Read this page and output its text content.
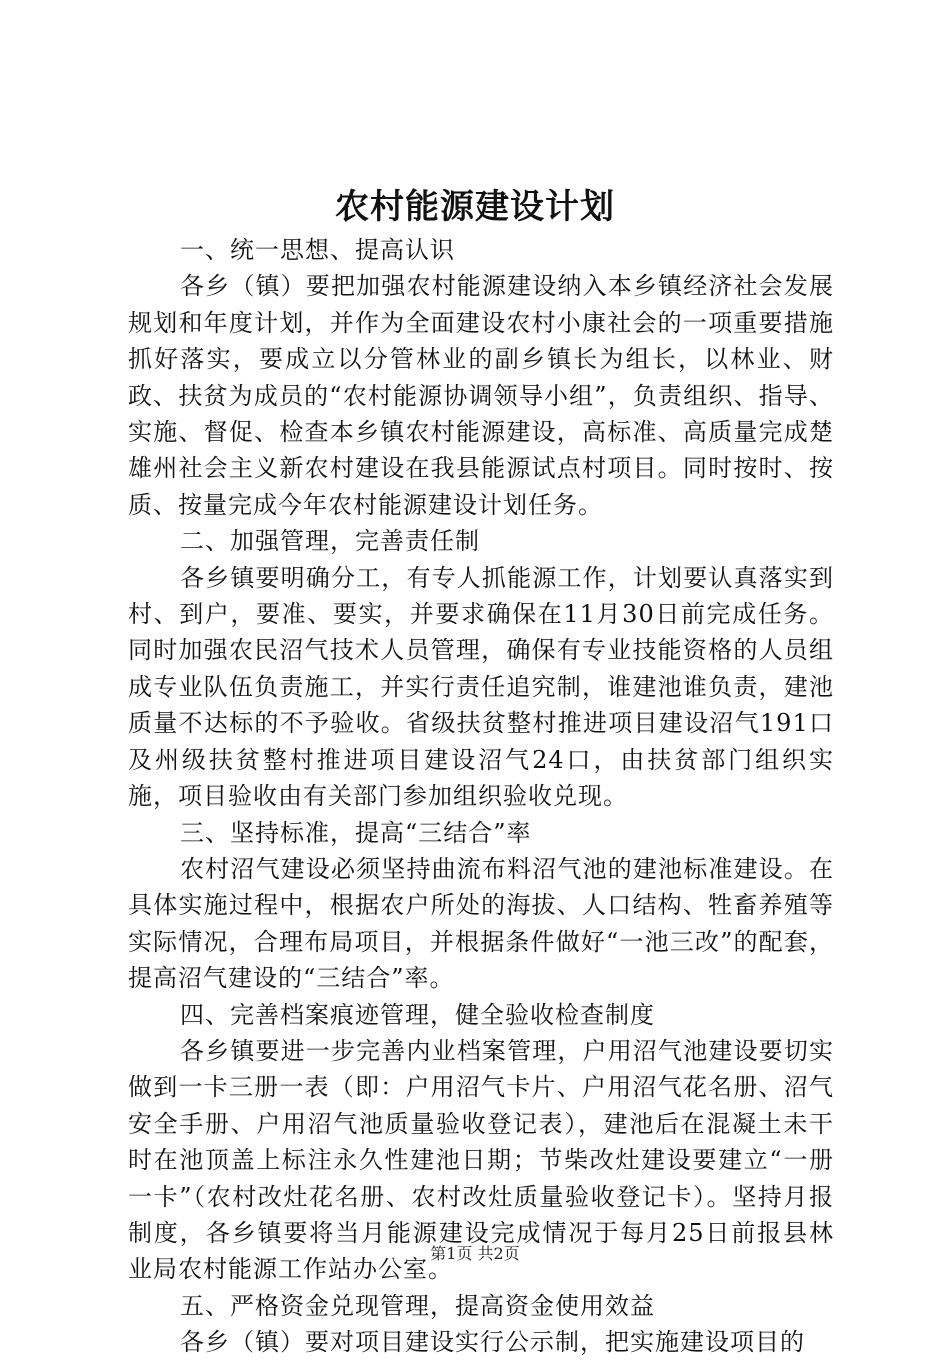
农村能源建设计划

一、统一思想、提高认识

各乡（镇）要把加强农村能源建设纳入本乡镇经济社会发展规划和年度计划，并作为全面建设农村小康社会的一项重要措施抓好落实，要成立以分管林业的副乡镇长为组长，以林业、财政、扶贫为成员的“农村能源协调领导小组”，负责组织、指导、实施、督促、检查本乡镇农村能源建设，高标准、高质量完成楚雄州社会主义新农村建设在我县能源试点村项目。同时按时、按质、按量完成今年农村能源建设计划任务。

二、加强管理，完善责任制

各乡镇要明确分工，有专人抓能源工作，计划要认真落实到村、到户，要准、要实，并要求确保在11月30日前完成任务。同时加强农民沼气技术人员管理，确保有专业技能资格的人员组成专业队伍负责施工，并实行责任追究制，谁建池谁负责，建池质量不达标的不予验收。省级扶贫整村推进项目建设沼气191口及州级扶贫整村推进项目建设沼气24口，由扶贫部门组织实施，项目验收由有关部门参加组织验收兑现。

三、坚持标准，提高“三结合”率

农村沼气建设必须坚持曲流布料沼气池的建池标准建设。在具体实施过程中，根据农户所处的海拔、人口结构、牲畜养殖等实际情况，合理布局项目，并根据条件做好“一池三改”的配套，提高沼气建设的“三结合”率。

四、完善档案痕迹管理，健全验收检查制度

各乡镇要进一步完善内业档案管理，户用沼气池建设要切实做到一卡三册一表（即：户用沼气卡片、户用沼气花名册、沼气安全手册、户用沼气池质量验收登记表），建池后在混凝土未干时在池顶盖上标注永久性建池日期；节柴改灶建设要建立“一册一卡”（农村改灶花名册、农村改灶质量验收登记卡）。坚持月报制度，各乡镇要将当月能源建设完成情况于每月25日前报县林业局农村能源工作站办公室。

五、严格资金兑现管理，提高资金使用效益

各乡（镇）要对项目建设实行公示制，把实施建设项目的

第1页 共2页
